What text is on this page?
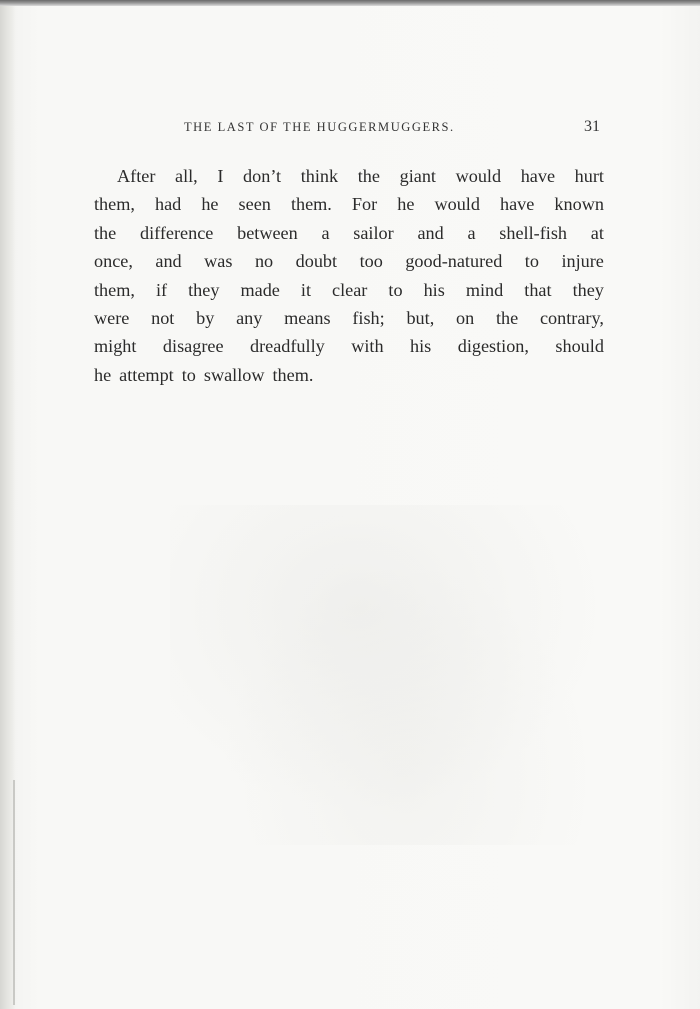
THE LAST OF THE HUGGERMUGGERS.	31
After all, I don’t think the giant would have hurt
them, had he seen them. For he would have known
the difference between a sailor and a shell-fish at
once, and was no doubt too good-natured to injure
them, if they made it clear to his mind that they
were not by any means fish; but, on the contrary,
might disagree dreadfully with his digestion, should
he attempt to swallow them.
